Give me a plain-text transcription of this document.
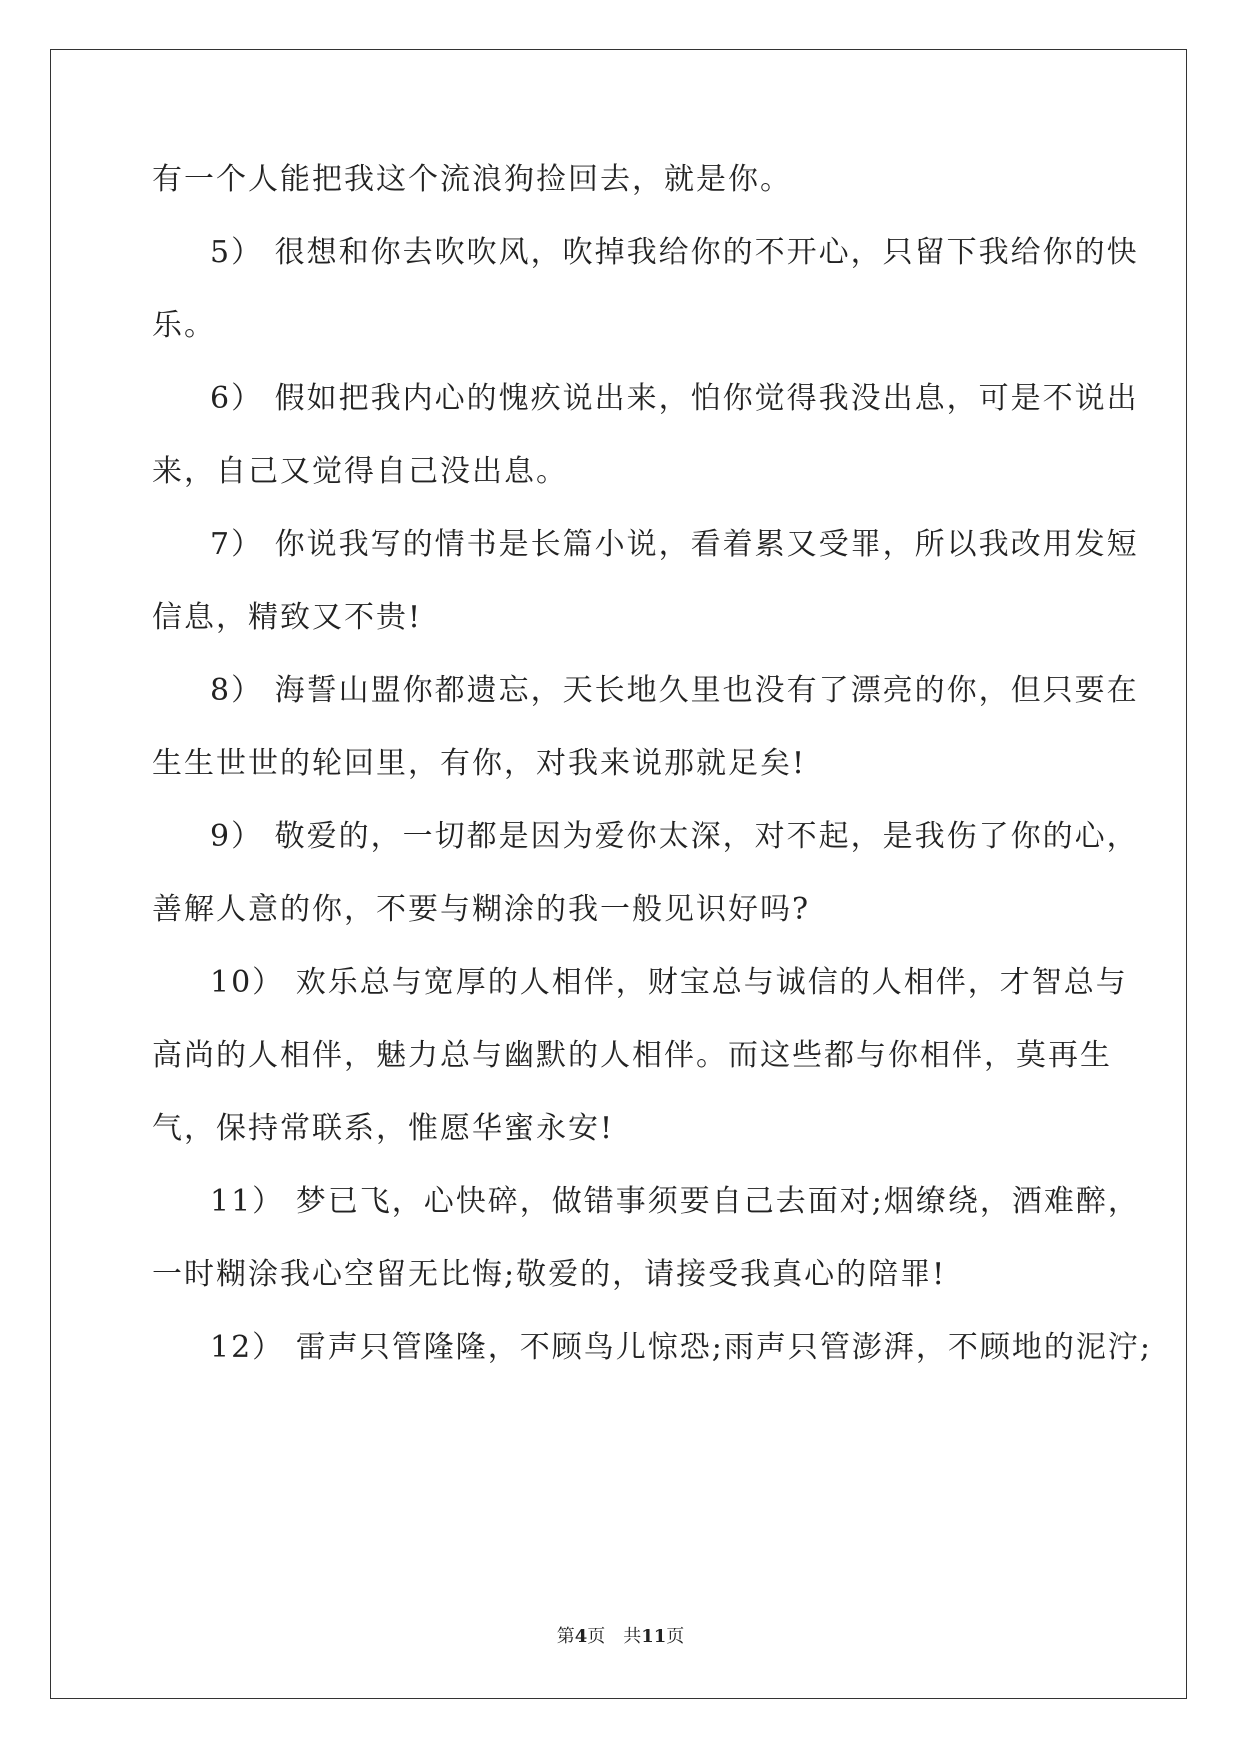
有一个人能把我这个流浪狗捡回去，就是你。
5） 很想和你去吹吹风，吹掉我给你的不开心，只留下我给你的快
乐。
6） 假如把我内心的愧疚说出来，怕你觉得我没出息，可是不说出
来，自己又觉得自己没出息。
7） 你说我写的情书是长篇小说，看着累又受罪，所以我改用发短
信息，精致又不贵!
8） 海誓山盟你都遗忘，天长地久里也没有了漂亮的你，但只要在
生生世世的轮回里，有你，对我来说那就足矣!
9） 敬爱的，一切都是因为爱你太深，对不起，是我伤了你的心，
善解人意的你，不要与糊涂的我一般见识好吗?
10） 欢乐总与宽厚的人相伴，财宝总与诚信的人相伴，才智总与
高尚的人相伴，魅力总与幽默的人相伴。而这些都与你相伴，莫再生
气，保持常联系，惟愿华蜜永安!
11） 梦已飞，心快碎，做错事须要自己去面对;烟缭绕，酒难醉，
一时糊涂我心空留无比悔;敬爱的，请接受我真心的陪罪!
12） 雷声只管隆隆，不顾鸟儿惊恐;雨声只管澎湃，不顾地的泥泞;
第4页　共11页
